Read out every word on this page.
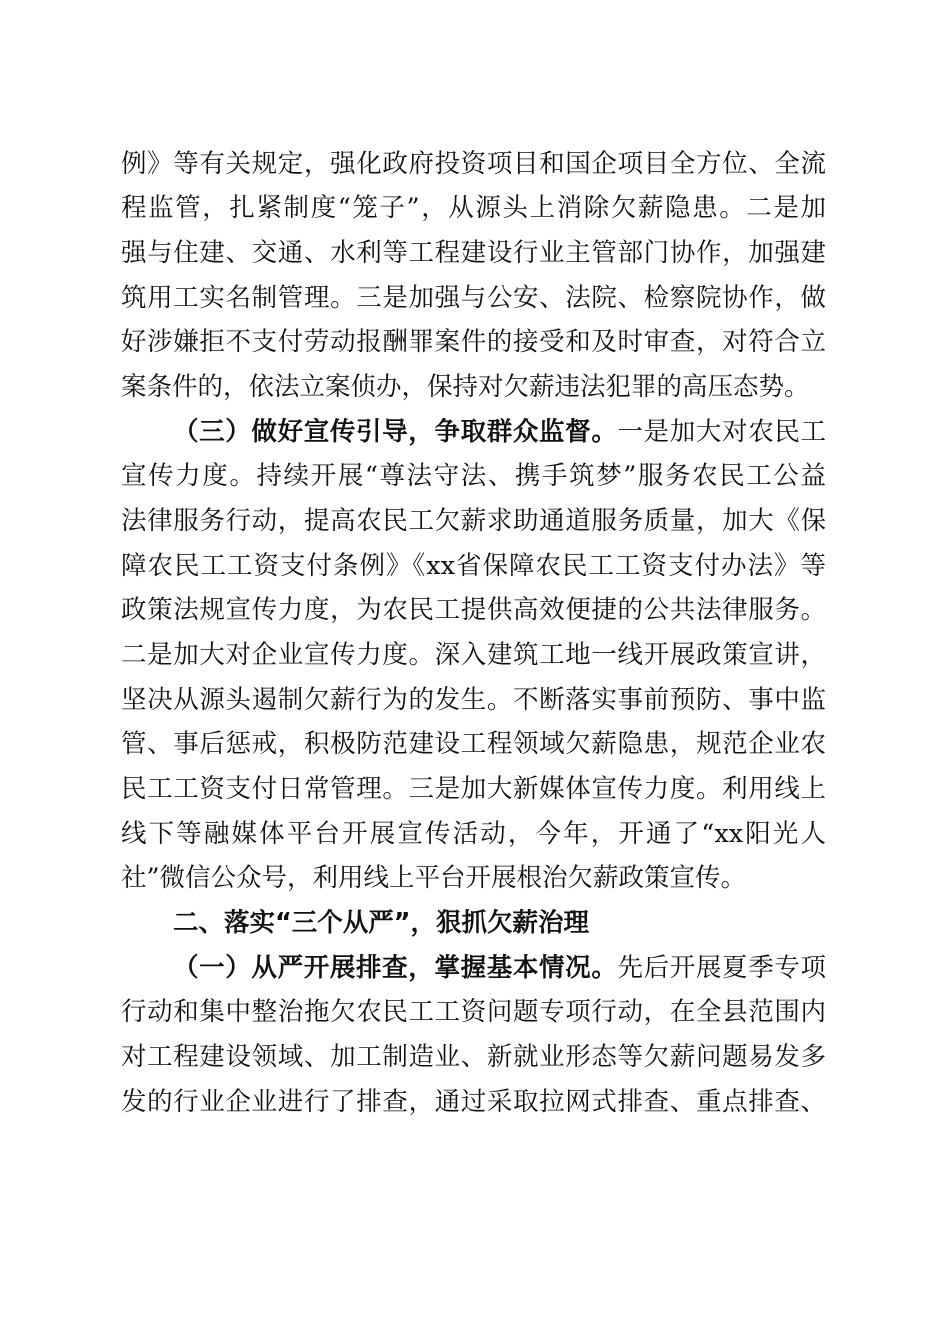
例》等有关规定，强化政府投资项目和国企项目全方位、全流
程监管，扎紧制度“笼子”，从源头上消除欠薪隐患。二是加
强与住建、交通、水利等工程建设行业主管部门协作，加强建
筑用工实名制管理。三是加强与公安、法院、检察院协作，做
好涉嫌拒不支付劳动报酬罪案件的接受和及时审查，对符合立
案条件的，依法立案侦办，保持对欠薪违法犯罪的高压态势。
（三）做好宣传引导，争取群众监督。一是加大对农民工
宣传力度。持续开展“尊法守法、携手筑梦”服务农民工公益
法律服务行动，提高农民工欠薪求助通道服务质量，加大《保
障农民工工资支付条例》《xx省保障农民工工资支付办法》等
政策法规宣传力度，为农民工提供高效便捷的公共法律服务。
二是加大对企业宣传力度。深入建筑工地一线开展政策宣讲，
坚决从源头遏制欠薪行为的发生。不断落实事前预防、事中监
管、事后惩戒，积极防范建设工程领域欠薪隐患，规范企业农
民工工资支付日常管理。三是加大新媒体宣传力度。利用线上
线下等融媒体平台开展宣传活动，今年，开通了“xx阳光人
社”微信公众号，利用线上平台开展根治欠薪政策宣传。
二、落实“三个从严”，狠抓欠薪治理
（一）从严开展排查，掌握基本情况。先后开展夏季专项
行动和集中整治拖欠农民工工资问题专项行动，在全县范围内
对工程建设领域、加工制造业、新就业形态等欠薪问题易发多
发的行业企业进行了排查，通过采取拉网式排查、重点排查、
